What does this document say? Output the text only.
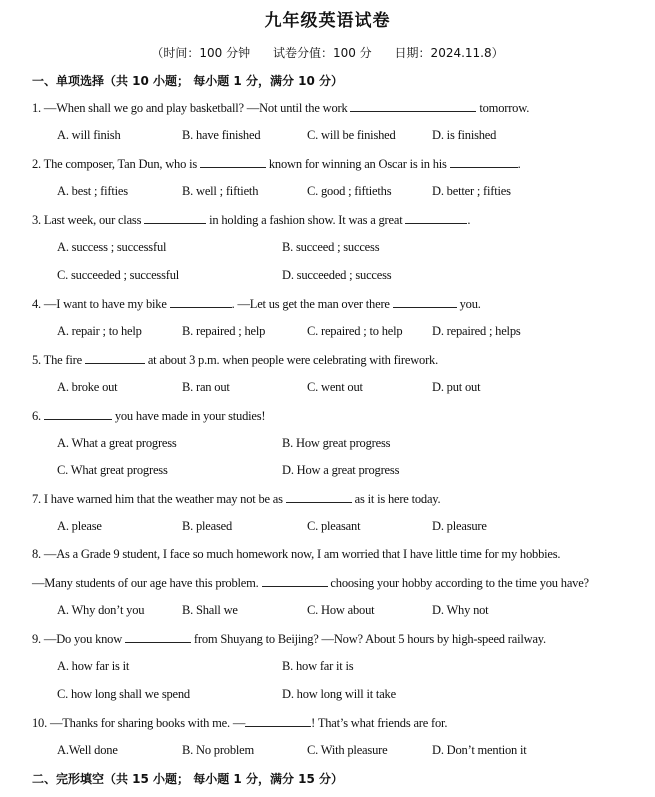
九年级英语试卷
（时间：100 分钟      试卷分值：100 分      日期：2024.11.8）
一、单项选择（共 10 小题； 每小题 1 分，满分 10 分）
1. —When shall we go and play basketball? —Not until the work	tomorrow.
A. will finish	B. have finished	C. will be finished	D. is finished
2. The composer, Tan Dun, who is	known for winning an Oscar is in his	.
A. best ; fifties	B. well ; fiftieth	C. good ; fiftieths	D. better ; fifties
3. Last week, our class	in holding a fashion show. It was a great	.
A. success ; successful	B. succeed ; success
C. succeeded ; successful	D. succeeded ; success
4. —I want to have my bike	. —Let us get the man over there	you.
A. repair ; to help	B. repaired ; help	C. repaired ; to help D. repaired ; helps
5. The fire	at about 3 p.m. when people were celebrating with firework.
A. broke out	B. ran out	C. went out	D. put out
6.	you have made in your studies!
A. What a great progress	B. How great progress
C. What great progress	D. How a great progress
7. I have warned him that the weather may not be as	as it is here today.
A. please	B. pleased	C. pleasant	D. pleasure
8. —As a Grade 9 student, I face so much homework now, I am worried that I have little time for my hobbies.
—Many students of our age have this problem.	choosing your hobby according to the time you have?
A. Why don’t you	B. Shall we	C. How about	D. Why not
9. —Do you know	from Shuyang to Beijing? —Now? About 5 hours by high-speed railway.
A. how far is it	B. how far it is
C. how long shall we spend	D. how long will it take
10. —Thanks for sharing books with me. —	! That’s what friends are for.
A.Well done	B. No problem	C. With pleasure	D. Don’t mention it
二、完形填空（共 15 小题； 每小题 1 分，满分 15 分）
